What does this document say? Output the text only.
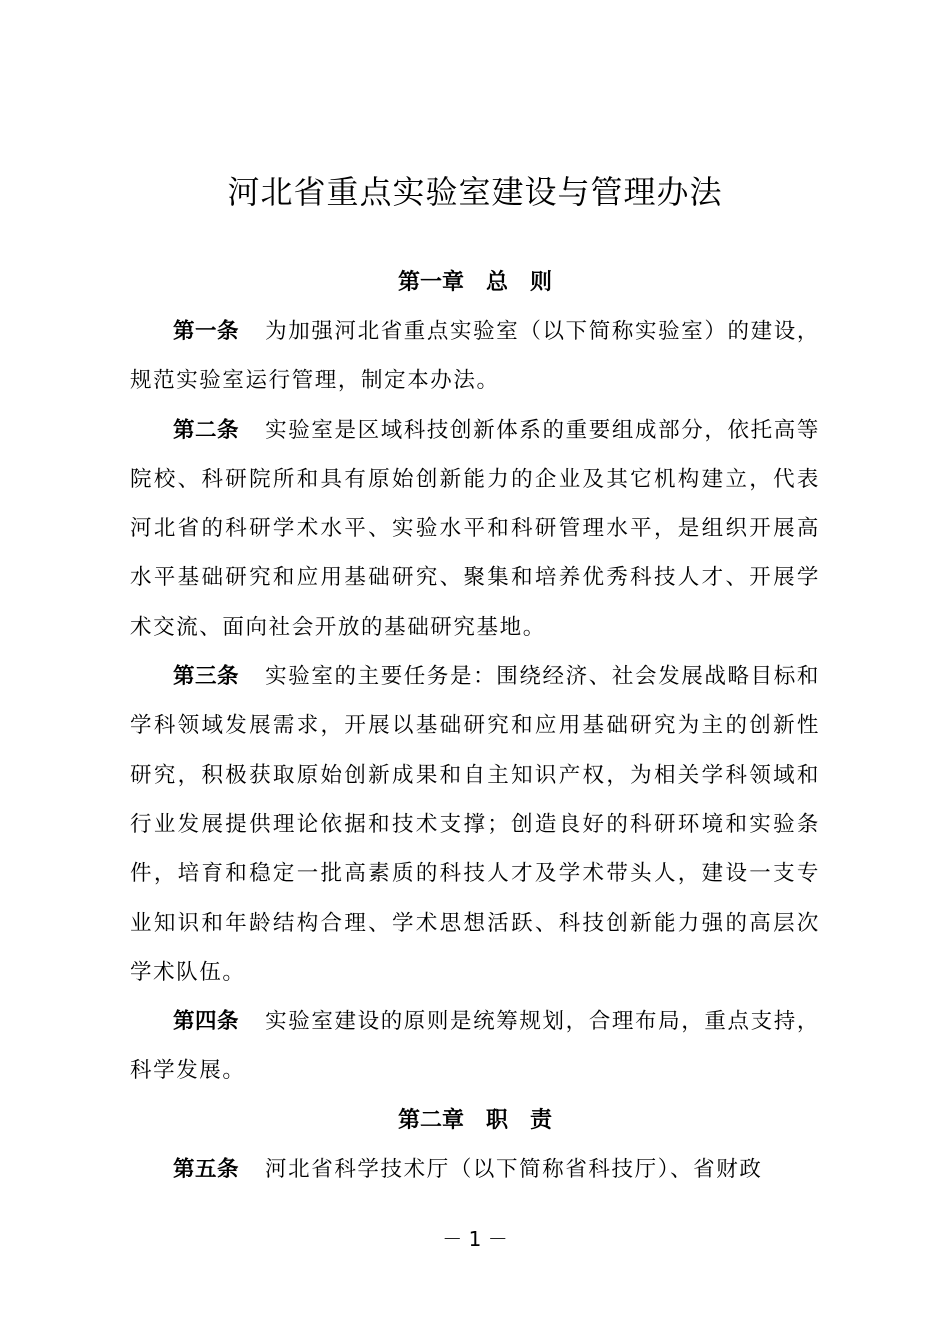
河北省重点实验室建设与管理办法
第一章　总　则

第一条 为加强河北省重点实验室（以下简称实验室）的建设，规范实验室运行管理，制定本办法。

第二条 实验室是区域科技创新体系的重要组成部分，依托高等院校、科研院所和具有原始创新能力的企业及其它机构建立，代表河北省的科研学术水平、实验水平和科研管理水平，是组织开展高水平基础研究和应用基础研究、聚集和培养优秀科技人才、开展学术交流、面向社会开放的基础研究基地。

第三条 实验室的主要任务是：围绕经济、社会发展战略目标和学科领域发展需求，开展以基础研究和应用基础研究为主的创新性研究，积极获取原始创新成果和自主知识产权，为相关学科领域和行业发展提供理论依据和技术支撑；创造良好的科研环境和实验条件，培育和稳定一批高素质的科技人才及学术带头人，建设一支专业知识和年龄结构合理、学术思想活跃、科技创新能力强的高层次学术队伍。

第四条 实验室建设的原则是统筹规划，合理布局，重点支持，科学发展。

第二章　职　责

第五条 河北省科学技术厅（以下简称省科技厅）、省财政

－ 1 －
